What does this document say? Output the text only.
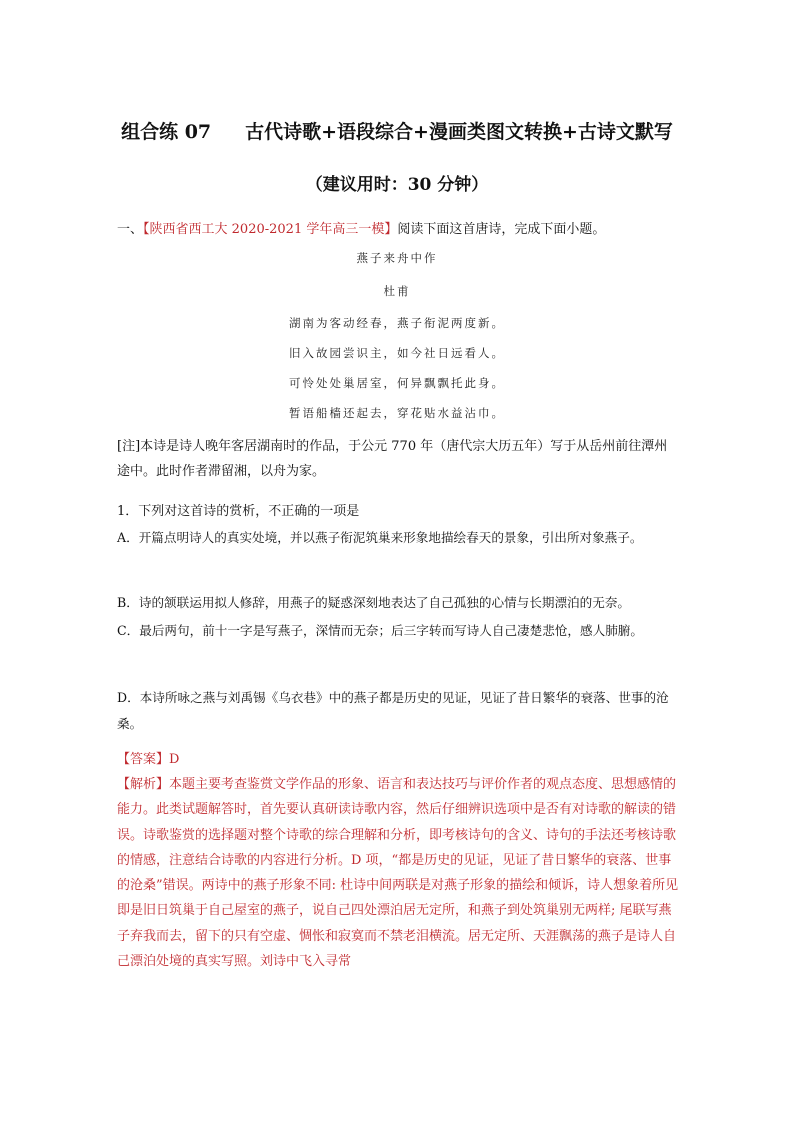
组合练 07 古代诗歌+语段综合+漫画类图文转换+古诗文默写
（建议用时：30 分钟）
一、【陕西省西工大 2020-2021 学年高三一模】阅读下面这首唐诗，完成下面小题。
燕子来舟中作
杜甫
湖南为客动经春，燕子衔泥两度新。
旧入故园尝识主，如今社日远看人。
可怜处处巢居室，何异飘飘托此身。
暂语船樯还起去，穿花贴水益沾巾。
[注]本诗是诗人晚年客居湖南时的作品，于公元 770 年（唐代宗大历五年）写于从岳州前往潭州途中。此时作者滞留湘，以舟为家。
1．下列对这首诗的赏析，不正确的一项是
A．开篇点明诗人的真实处境，并以燕子衔泥筑巢来形象地描绘春天的景象，引出所对象燕子。
B．诗的颔联运用拟人修辞，用燕子的疑惑深刻地表达了自己孤独的心情与长期漂泊的无奈。
C．最后两句，前十一字是写燕子，深情而无奈；后三字转而写诗人自己凄楚悲怆，感人肺腑。
D．本诗所咏之燕与刘禹锡《乌衣巷》中的燕子都是历史的见证，见证了昔日繁华的衰落、世事的沧桑。
【答案】D
【解析】本题主要考查鉴赏文学作品的形象、语言和表达技巧与评价作者的观点态度、思想感情的能力。此类试题解答时，首先要认真研读诗歌内容，然后仔细辨识选项中是否有对诗歌的解读的错误。诗歌鉴赏的选择题对整个诗歌的综合理解和分析，即考核诗句的含义、诗句的手法还考核诗歌的情感，注意结合诗歌的内容进行分析。D 项，“都是历史的见证，见证了昔日繁华的衰落、世事的沧桑”错误。两诗中的燕子形象不同: 杜诗中间两联是对燕子形象的描绘和倾诉，诗人想象着所见即是旧日筑巢于自己屋室的燕子，说自己四处漂泊居无定所，和燕子到处筑巢别无两样; 尾联写燕子弃我而去，留下的只有空虚、惆怅和寂寞而不禁老泪横流。居无定所、天涯飘荡的燕子是诗人自己漂泊处境的真实写照。刘诗中飞入寻常
